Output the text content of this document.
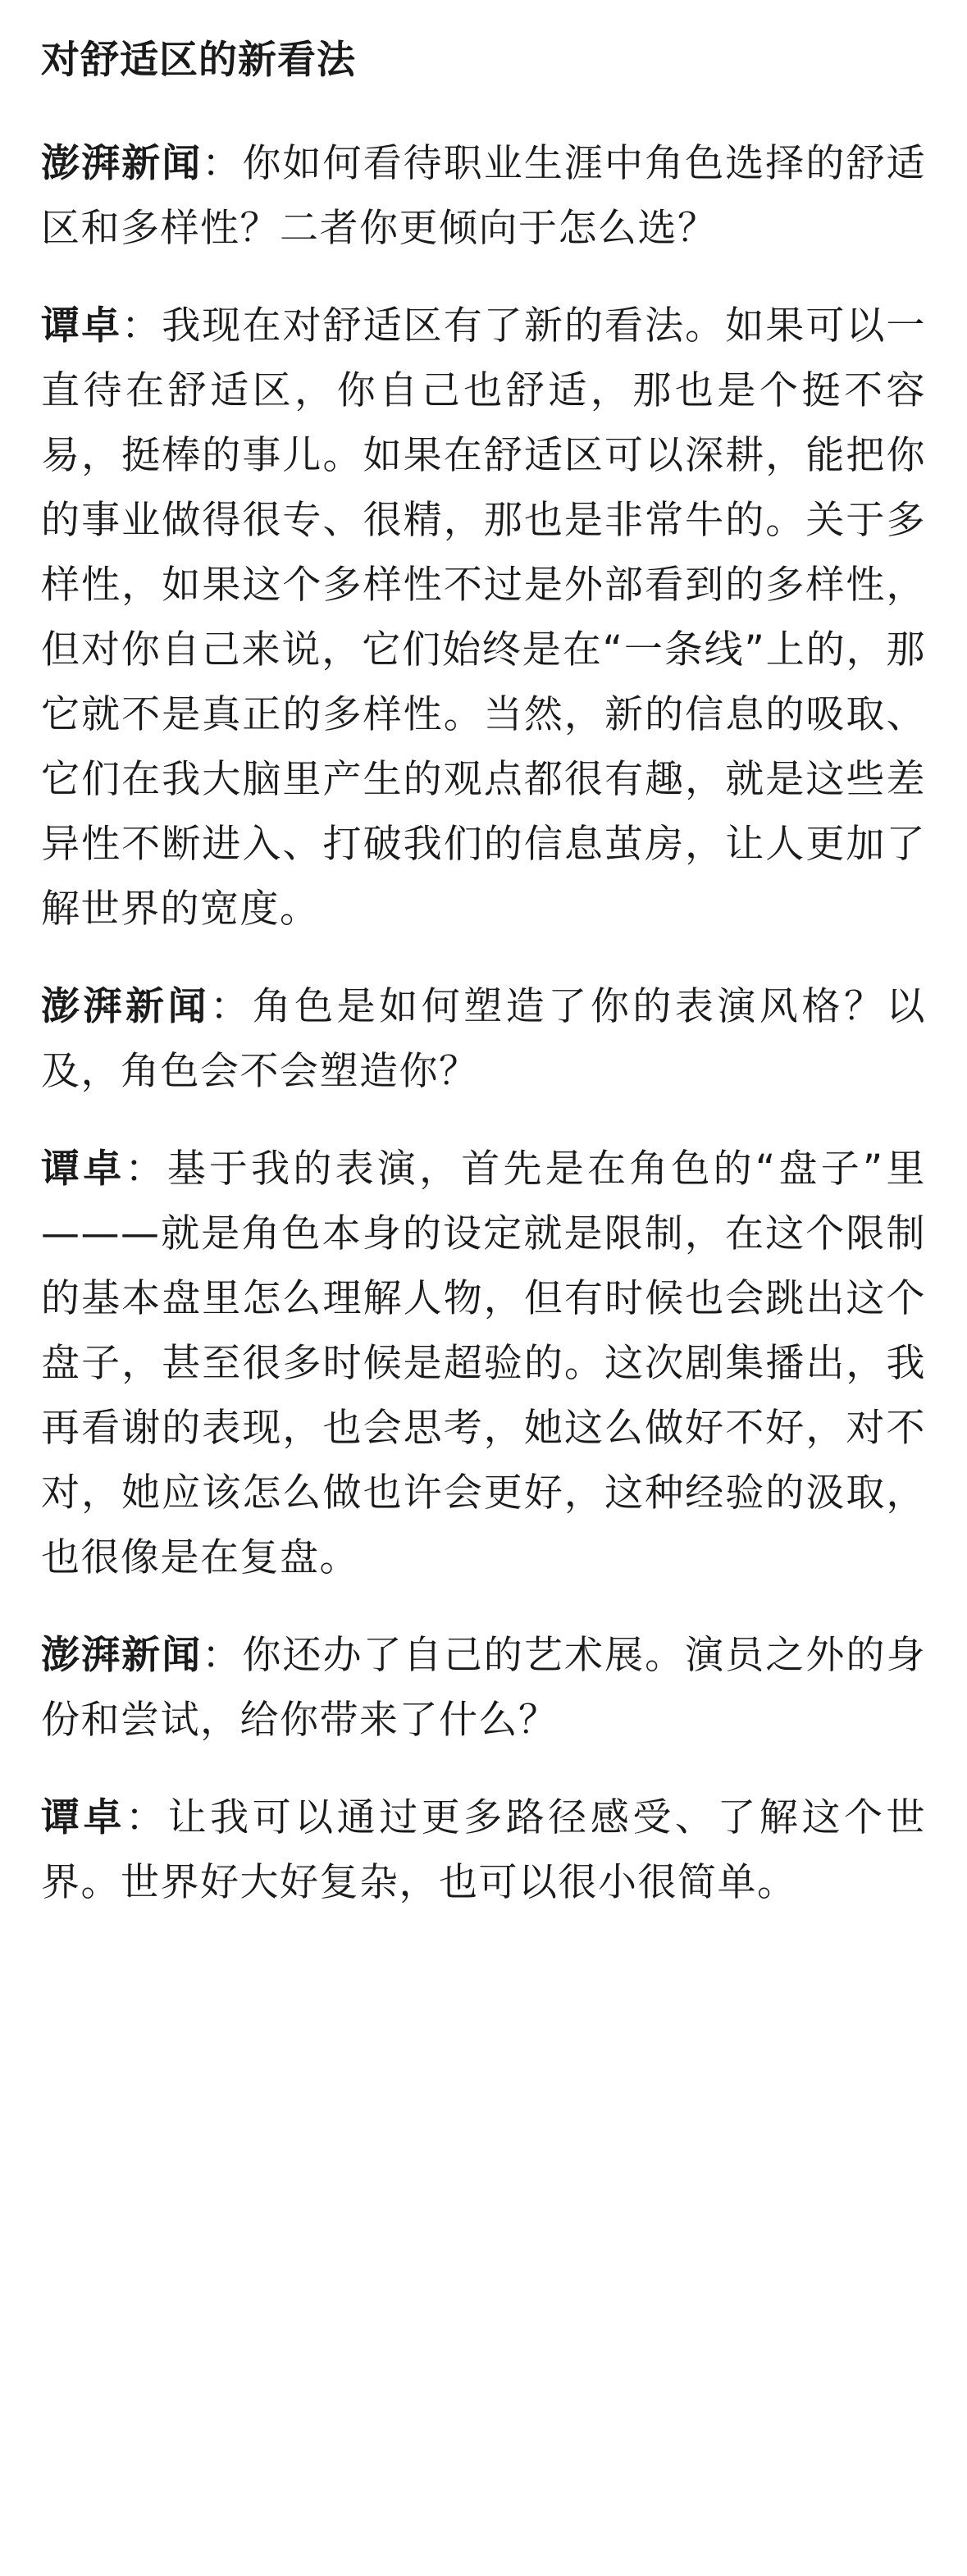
对舒适区的新看法

澎湃新闻：你如何看待职业生涯中角色选择的舒适区和多样性？二者你更倾向于怎么选？

谭卓：我现在对舒适区有了新的看法。如果可以一直待在舒适区，你自己也舒适，那也是个挺不容易，挺棒的事儿。如果在舒适区可以深耕，能把你的事业做得很专、很精，那也是非常牛的。关于多样性，如果这个多样性不过是外部看到的多样性，但对你自己来说，它们始终是在“一条线”上的，那它就不是真正的多样性。当然，新的信息的吸取、它们在我大脑里产生的观点都很有趣，就是这些差异性不断进入、打破我们的信息茧房，让人更加了解世界的宽度。

澎湃新闻：角色是如何塑造了你的表演风格？以及，角色会不会塑造你？

谭卓：基于我的表演，首先是在角色的“盘子”里———就是角色本身的设定就是限制，在这个限制的基本盘里怎么理解人物，但有时候也会跳出这个盘子，甚至很多时候是超验的。这次剧集播出，我再看谢的表现，也会思考，她这么做好不好，对不对，她应该怎么做也许会更好，这种经验的汲取，也很像是在复盘。

澎湃新闻：你还办了自己的艺术展。演员之外的身份和尝试，给你带来了什么？

谭卓：让我可以通过更多路径感受、了解这个世界。世界好大好复杂，也可以很小很简单。
